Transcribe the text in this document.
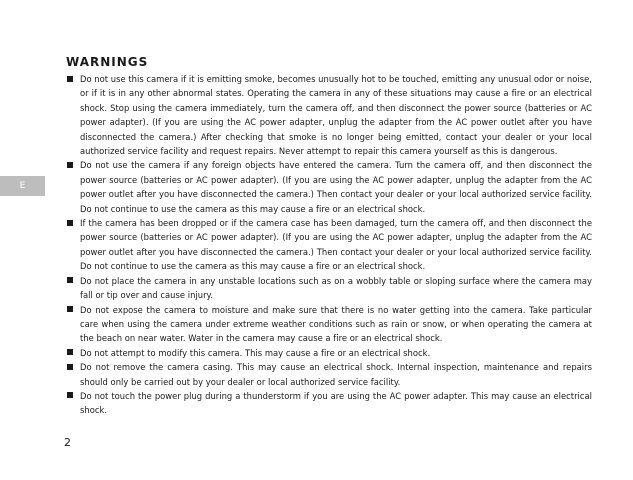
WARNINGS
E
Do not use this camera if it is emitting smoke, becomes unusually hot to be touched, emitting any unusual odor or noise, or if it is in any other abnormal states. Operating the camera in any of these situations may cause a fire or an electrical shock. Stop using the camera immediately, turn the camera off, and then disconnect the power source (batteries or AC power adapter). (If you are using the AC power adapter, unplug the adapter from the AC power outlet after you have disconnected the camera.) After checking that smoke is no longer being emitted, contact your dealer or your local authorized service facility and request repairs. Never attempt to repair this camera yourself as this is dangerous.
Do not use the camera if any foreign objects have entered the camera. Turn the camera off, and then disconnect the power source (batteries or AC power adapter). (If you are using the AC power adapter, unplug the adapter from the AC power outlet after you have disconnected the camera.) Then contact your dealer or your local authorized service facility. Do not continue to use the camera as this may cause a fire or an electrical shock.
If the camera has been dropped or if the camera case has been damaged, turn the camera off, and then disconnect the power source (batteries or AC power adapter). (If you are using the AC power adapter, unplug the adapter from the AC power outlet after you have disconnected the camera.) Then contact your dealer or your local authorized service facility. Do not continue to use the camera as this may cause a fire or an electrical shock.
Do not place the camera in any unstable locations such as on a wobbly table or sloping surface where the camera may fall or tip over and cause injury.
Do not expose the camera to moisture and make sure that there is no water getting into the camera. Take particular care when using the camera under extreme weather conditions such as rain or snow, or when operating the camera at the beach on near water. Water in the camera may cause a fire or an electrical shock.
Do not attempt to modify this camera. This may cause a fire or an electrical shock.
Do not remove the camera casing. This may cause an electrical shock. Internal inspection, maintenance and repairs should only be carried out by your dealer or local authorized service facility.
Do not touch the power plug during a thunderstorm if you are using the AC power adapter. This may cause an electrical shock.
2
